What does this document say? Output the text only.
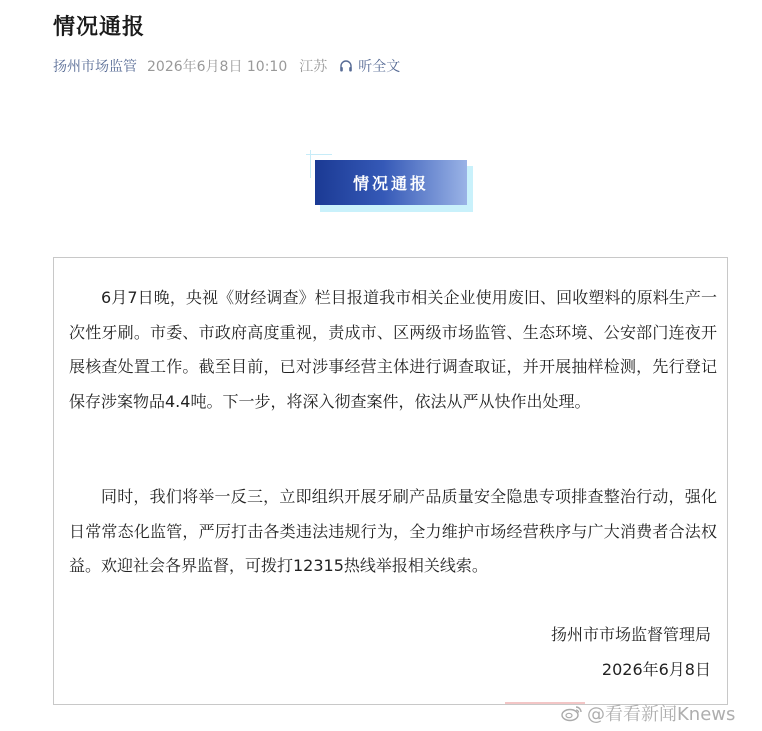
情况通报
扬州市场监管 2026年6月8日 10:10 江苏 听全文
情况通报

6月7日晚，央视《财经调查》栏目报道我市相关企业使用废旧、回收塑料的原料生产一次性牙刷。市委、市政府高度重视，责成市、区两级市场监管、生态环境、公安部门连夜开展核查处置工作。截至目前，已对涉事经营主体进行调查取证，并开展抽样检测，先行登记保存涉案物品4.4吨。下一步，将深入彻查案件，依法从严从快作出处理。

同时，我们将举一反三，立即组织开展牙刷产品质量安全隐患专项排查整治行动，强化日常常态化监管，严厉打击各类违法违规行为，全力维护市场经营秩序与广大消费者合法权益。欢迎社会各界监督，可拨打12315热线举报相关线索。

扬州市市场监督管理局
2026年6月8日
@看看新闻Knews
